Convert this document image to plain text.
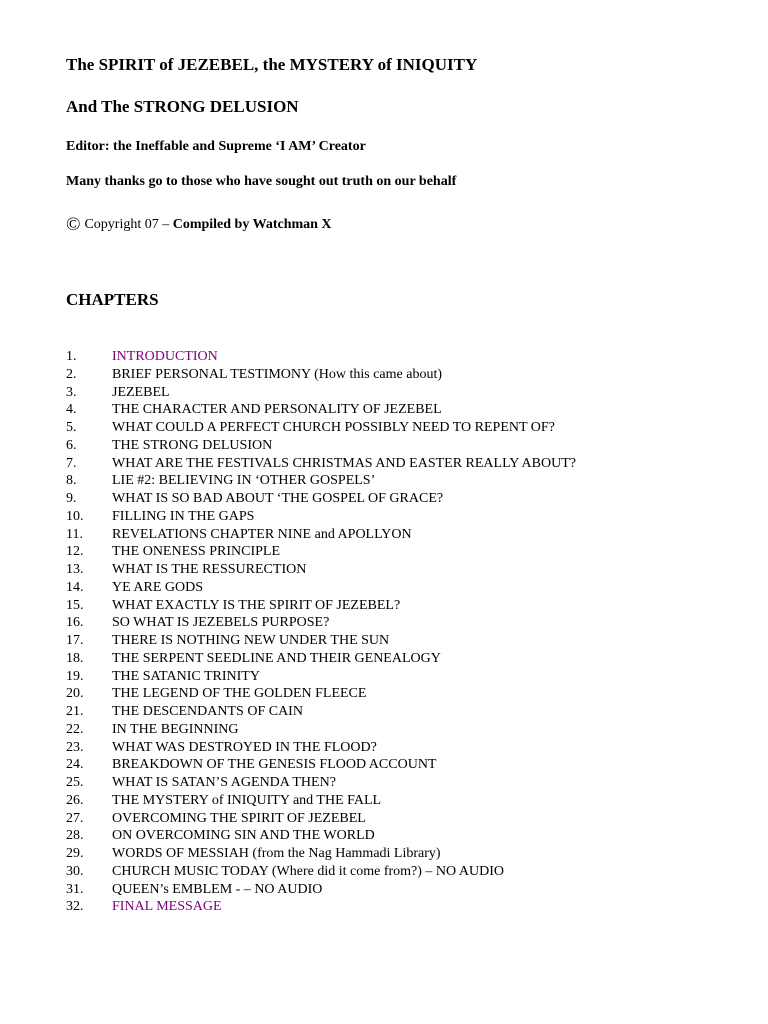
The SPIRIT of JEZEBEL, the MYSTERY of INIQUITY
And The STRONG DELUSION
Editor: the Ineffable and Supreme ‘I AM’ Creator
Many thanks go to those who have sought out truth on our behalf
© Copyright 07 – Compiled by Watchman X
CHAPTERS
1.	INTRODUCTION
2.	BRIEF PERSONAL TESTIMONY (How this came about)
3.	JEZEBEL
4.	THE CHARACTER AND PERSONALITY OF JEZEBEL
5.	WHAT COULD A PERFECT CHURCH POSSIBLY NEED TO REPENT OF?
6.	THE STRONG DELUSION
7.	WHAT ARE THE FESTIVALS CHRISTMAS AND EASTER REALLY ABOUT?
8.	LIE #2: BELIEVING IN ‘OTHER GOSPELS’
9.	WHAT IS SO BAD ABOUT ‘THE GOSPEL OF GRACE?
10. FILLING IN THE GAPS
11. REVELATIONS CHAPTER NINE and APOLLYON
12. THE ONENESS PRINCIPLE
13. WHAT IS THE RESSURECTION
14. YE ARE GODS
15. WHAT EXACTLY IS THE SPIRIT OF JEZEBEL?
16. SO WHAT IS JEZEBELS PURPOSE?
17. THERE IS NOTHING NEW UNDER THE SUN
18. THE SERPENT SEEDLINE AND THEIR GENEALOGY
19. THE SATANIC TRINITY
20. THE LEGEND OF THE GOLDEN FLEECE
21. THE DESCENDANTS OF CAIN
22. IN THE BEGINNING
23. WHAT WAS DESTROYED IN THE FLOOD?
24. BREAKDOWN OF THE GENESIS FLOOD ACCOUNT
25. WHAT IS SATAN’S AGENDA THEN?
26. THE MYSTERY of INIQUITY and THE FALL
27. OVERCOMING THE SPIRIT OF JEZEBEL
28. ON OVERCOMING SIN AND THE WORLD
29. WORDS OF MESSIAH (from the Nag Hammadi Library)
30. CHURCH MUSIC TODAY (Where did it come from?) – NO AUDIO
31. QUEEN’s EMBLEM - – NO AUDIO
32. FINAL MESSAGE
